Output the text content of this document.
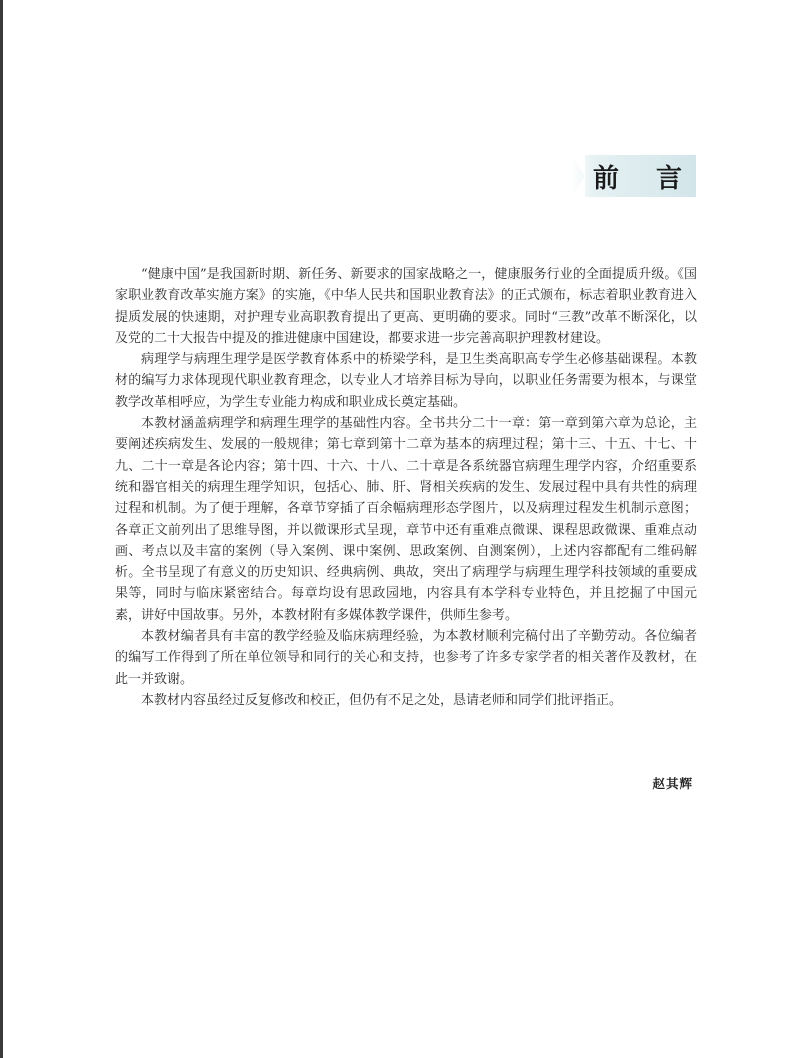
前 言

“健康中国”是我国新时期、新任务、新要求的国家战略之一，健康服务行业的全面提质升级。《国家职业教育改革实施方案》的实施，《中华人民共和国职业教育法》的正式颁布，标志着职业教育进入提质发展的快速期，对护理专业高职教育提出了更高、更明确的要求。同时“三教”改革不断深化，以及党的二十大报告中提及的推进健康中国建设，都要求进一步完善高职护理教材建设。

病理学与病理生理学是医学教育体系中的桥梁学科，是卫生类高职高专学生必修基础课程。本教材的编写力求体现现代职业教育理念，以专业人才培养目标为导向，以职业任务需要为根本，与课堂教学改革相呼应，为学生专业能力构成和职业成长奠定基础。

本教材涵盖病理学和病理生理学的基础性内容。全书共分二十一章：第一章到第六章为总论，主要阐述疾病发生、发展的一般规律；第七章到第十二章为基本的病理过程；第十三、十五、十七、十九、二十一章是各论内容；第十四、十六、十八、二十章是各系统器官病理生理学内容，介绍重要系统和器官相关的病理生理学知识，包括心、肺、肝、肾相关疾病的发生、发展过程中具有共性的病理过程和机制。为了便于理解，各章节穿插了百余幅病理形态学图片，以及病理过程发生机制示意图；各章正文前列出了思维导图，并以微课形式呈现，章节中还有重难点微课、课程思政微课、重难点动画、考点以及丰富的案例（导入案例、课中案例、思政案例、自测案例），上述内容都配有二维码解析。全书呈现了有意义的历史知识、经典病例、典故，突出了病理学与病理生理学科技领域的重要成果等，同时与临床紧密结合。每章均设有思政园地，内容具有本学科专业特色，并且挖掘了中国元素，讲好中国故事。另外，本教材附有多媒体教学课件，供师生参考。

本教材编者具有丰富的教学经验及临床病理经验，为本教材顺利完稿付出了辛勤劳动。各位编者的编写工作得到了所在单位领导和同行的关心和支持，也参考了许多专家学者的相关著作及教材，在此一并致谢。

本教材内容虽经过反复修改和校正，但仍有不足之处，恳请老师和同学们批评指正。

赵其辉
